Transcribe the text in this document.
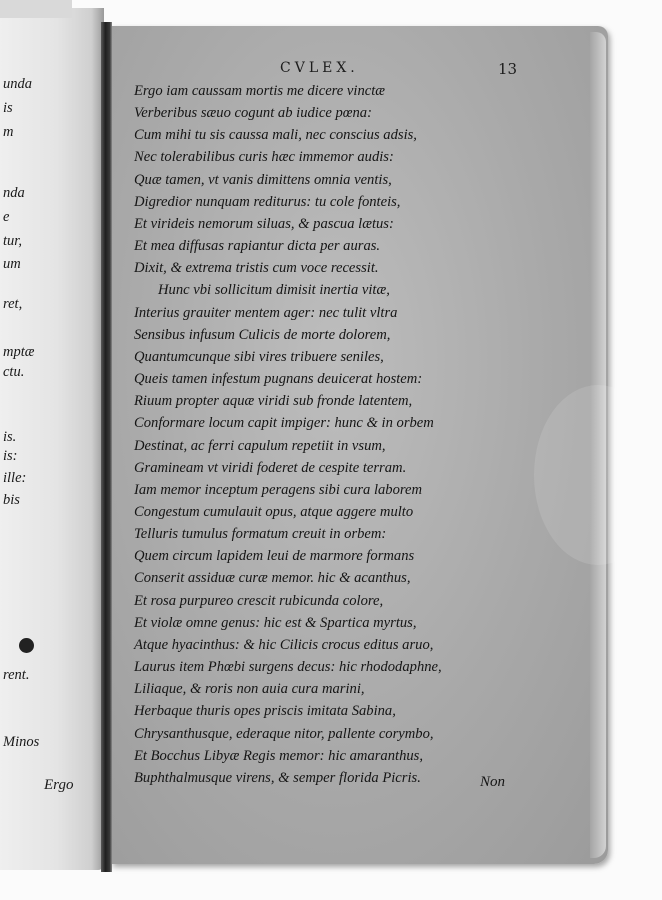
unda
is
m
nda
e
tur,
um
ret,
mptæ
ctu.
is.
is:
ille:
bis
rent.
Minos
Ergo
CVLEX.	13
Ergo iam caussam mortis me dicere vinctæ
Verberibus sæuo cogunt ab iudice pœna:
Cum mihi tu sis caussa mali, nec conscius adsis,
Nec tolerabilibus curis hæc immemor audis:
Quæ tamen, vt vanis dimittens omnia ventis,
Digredior nunquam rediturus: tu cole fonteis,
Et virideis nemorum siluas, & pascua lætus:
Et mea diffusas rapiantur dicta per auras.
Dixit, & extrema tristis cum voce recessit.
Hunc vbi sollicitum dimisit inertia vitæ,
Interius grauiter mentem ager: nec tulit vltra
Sensibus infusum Culicis de morte dolorem,
Quantumcunque sibi vires tribuere seniles,
Queis tamen infestum pugnans deuicerat hostem:
Riuum propter aquæ viridi sub fronde latentem,
Conformare locum capit impiger: hunc & in orbem
Destinat, ac ferri capulum repetiit in vsum,
Gramineam vt viridi foderet de cespite terram.
Iam memor inceptum peragens sibi cura laborem
Congestum cumulauit opus, atque aggere multo
Telluris tumulus formatum creuit in orbem:
Quem circum lapidem leui de marmore formans
Conserit assiduæ curæ memor. hic & acanthus,
Et rosa purpureo crescit rubicunda colore,
Et violæ omne genus: hic est & Spartica myrtus,
Atque hyacinthus: & hic Cilicis crocus editus aruo,
Laurus item Phœbi surgens decus: hic rhododaphne,
Liliaque, & roris non auia cura marini,
Herbaque thuris opes priscis imitata Sabina,
Chrysanthusque, ederaque nitor, pallente corymbo,
Et Bocchus Libyæ Regis memor: hic amaranthus,
Buphthalmusque virens, & semper florida Picris.	Non
